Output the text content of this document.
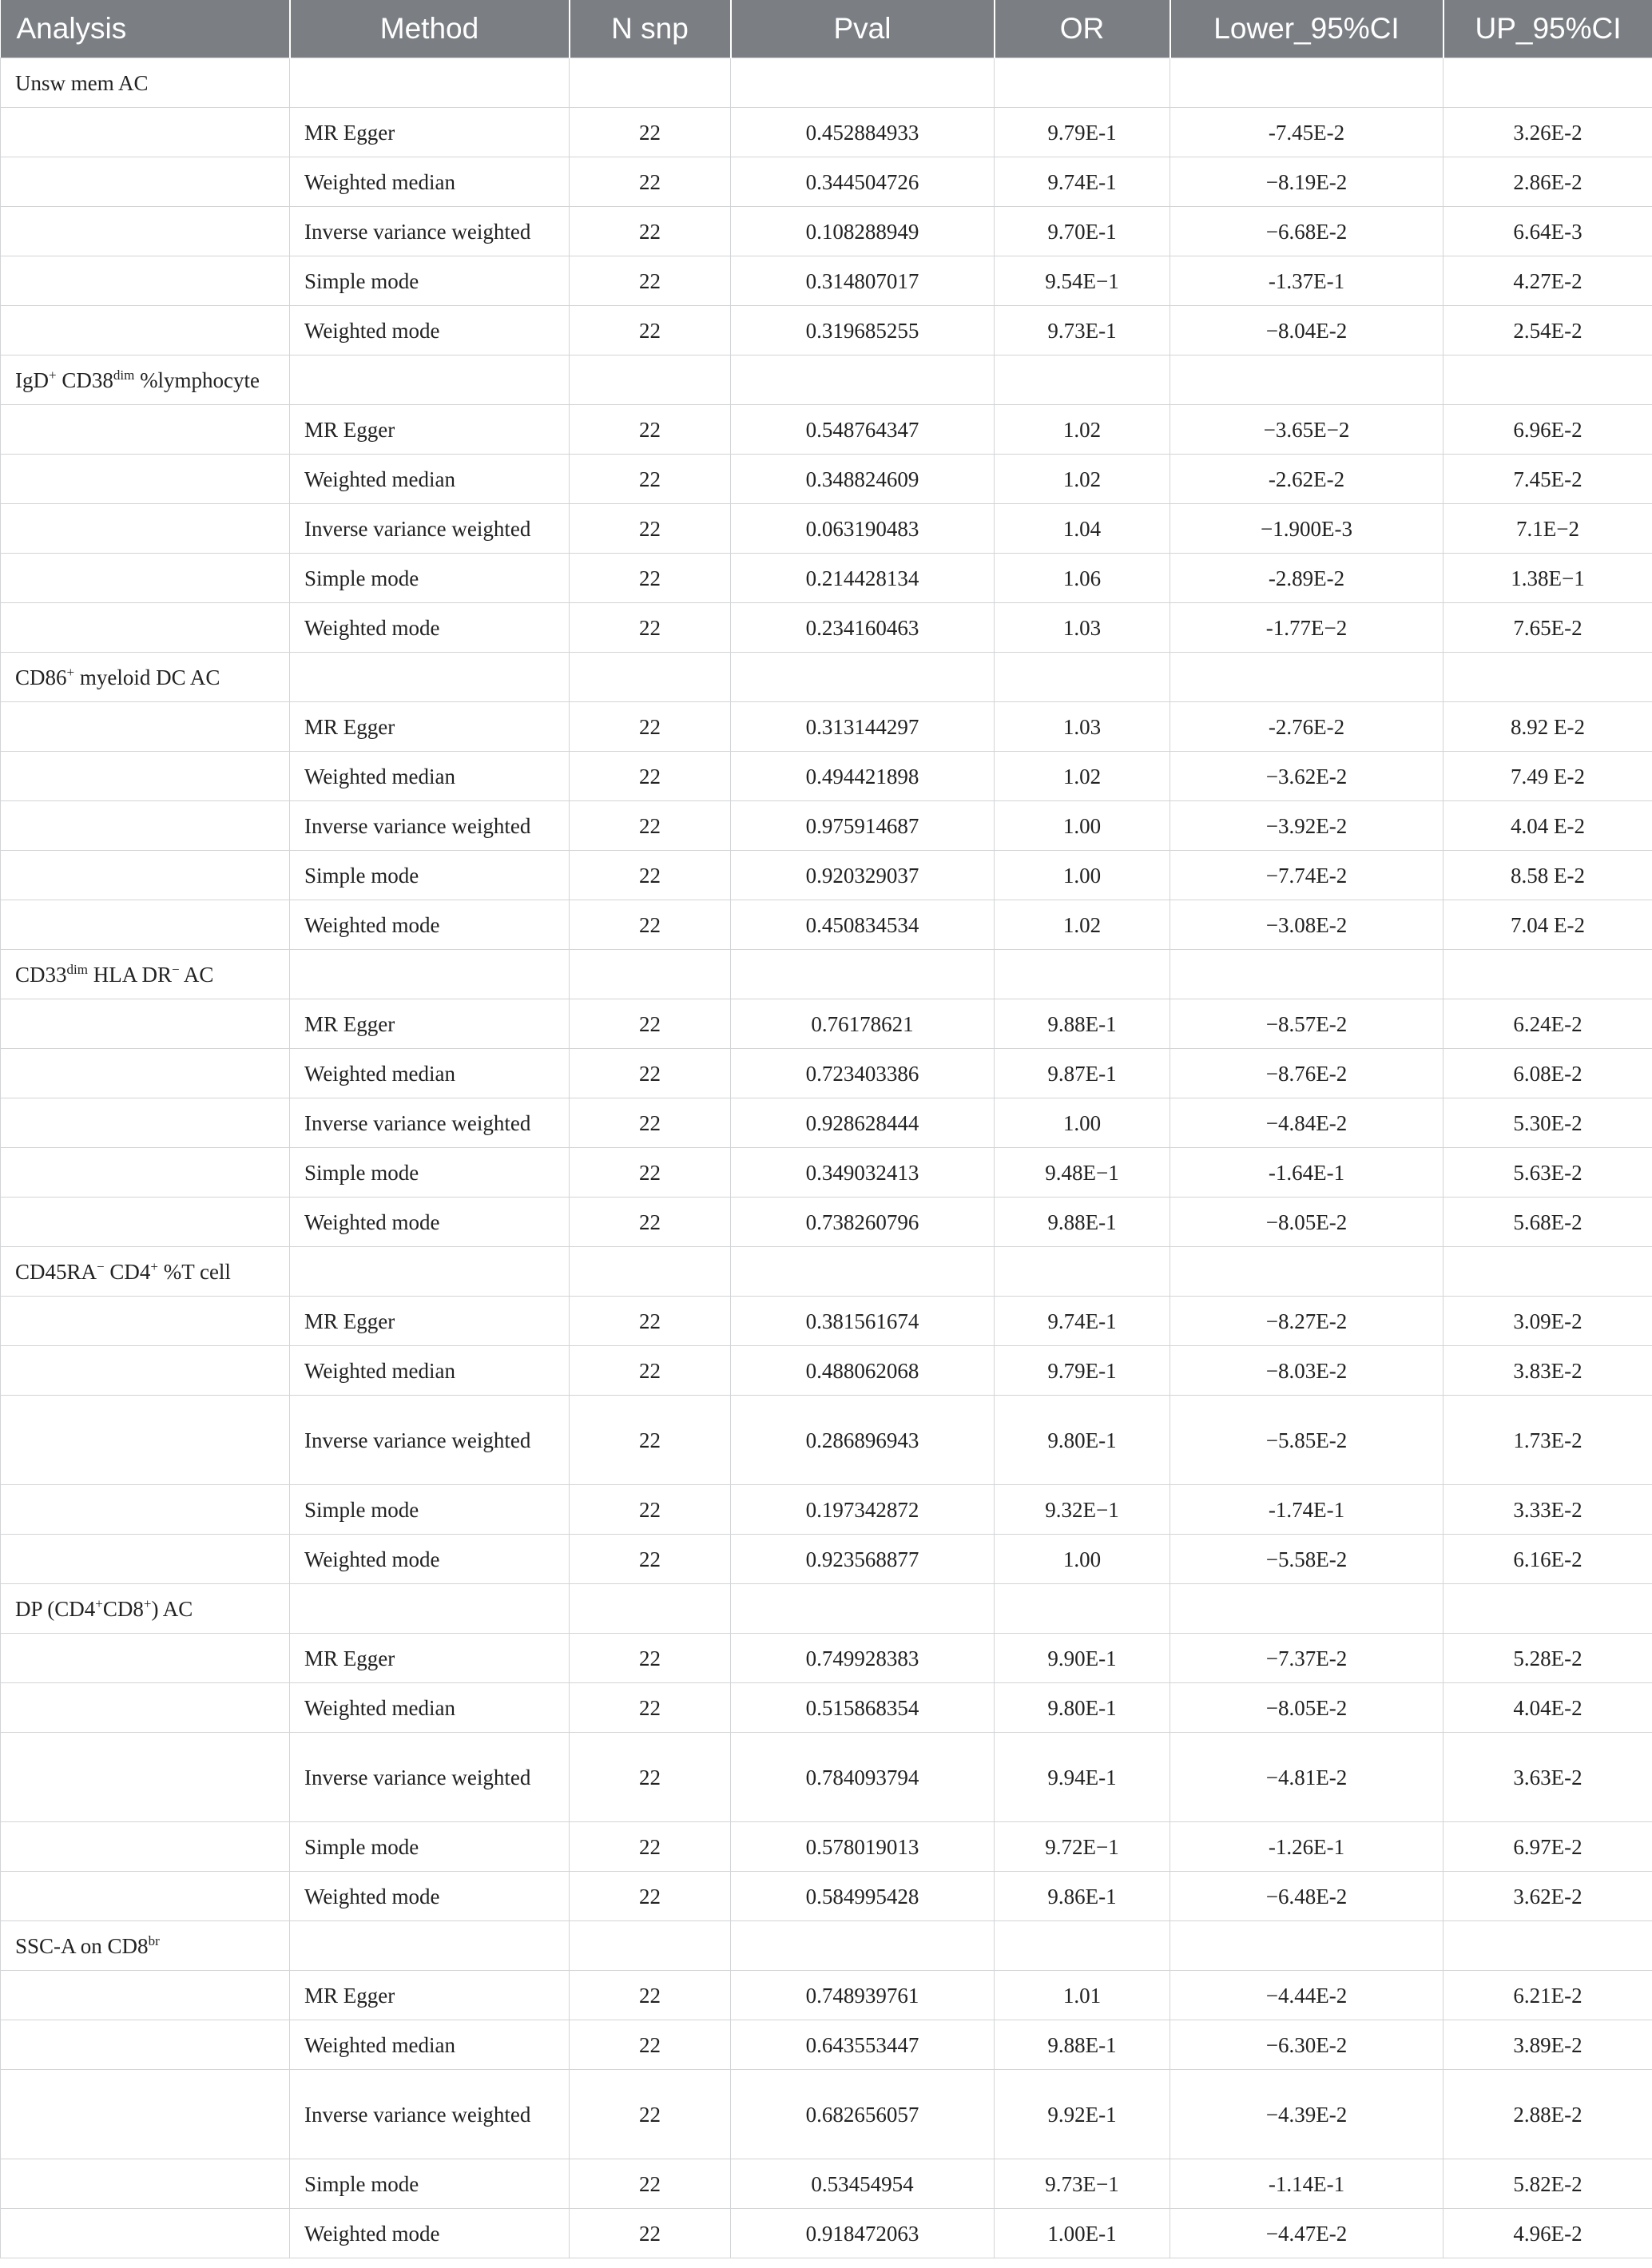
Analysis	Method	N snp	Pval	OR	Lower_95%CI	UP_95%CI
Unsw mem AC						
	MR Egger	22	0.452884933	9.79E-1	-7.45E-2	3.26E-2
	Weighted median	22	0.344504726	9.74E-1	−8.19E-2	2.86E-2
	Inverse variance weighted	22	0.108288949	9.70E-1	−6.68E-2	6.64E-3
	Simple mode	22	0.314807017	9.54E−1	-1.37E-1	4.27E-2
	Weighted mode	22	0.319685255	9.73E-1	−8.04E-2	2.54E-2
IgD+ $CD38^{dim}$ %lymphocyte						
	MR Egger	22	0.548764347	1.02	−3.65E−2	6.96E-2
	Weighted median	22	0.348824609	1.02	-2.62E-2	7.45E-2
	Inverse variance weighted	22	0.063190483	1.04	−1.900E-3	7.1E−2
	Simple mode	22	0.214428134	1.06	-2.89E-2	1.38E−1
	Weighted mode	22	0.234160463	1.03	-1.77E−2	7.65E-2
CD86+ myeloid DC AC						
	MR Egger	22	0.313144297	1.03	-2.76E-2	8.92 E-2
	Weighted median	22	0.494421898	1.02	−3.62E-2	7.49 E-2
	Inverse variance weighted	22	0.975914687	1.00	−3.92E-2	4.04 E-2
	Simple mode	22	0.920329037	1.00	−7.74E-2	8.58 E-2
	Weighted mode	22	0.450834534	1.02	−3.08E-2	7.04 E-2
$CD33^{dim}$ HLA DR− AC						
	MR Egger	22	0.76178621	9.88E-1	−8.57E-2	6.24E-2
	Weighted median	22	0.723403386	9.87E-1	−8.76E-2	6.08E-2
	Inverse variance weighted	22	0.928628444	1.00	−4.84E-2	5.30E-2
	Simple mode	22	0.349032413	9.48E−1	-1.64E-1	5.63E-2
	Weighted mode	22	0.738260796	9.88E-1	−8.05E-2	5.68E-2
CD45RA− CD4+ %T cell						
	MR Egger	22	0.381561674	9.74E-1	−8.27E-2	3.09E-2
	Weighted median	22	0.488062068	9.79E-1	−8.03E-2	3.83E-2
	Inverse variance weighted	22	0.286896943	9.80E-1	−5.85E-2	1.73E-2
	Simple mode	22	0.197342872	9.32E−1	-1.74E-1	3.33E-2
	Weighted mode	22	0.923568877	1.00	−5.58E-2	6.16E-2
DP (CD4+CD8+) AC						
	MR Egger	22	0.749928383	9.90E-1	−7.37E-2	5.28E-2
	Weighted median	22	0.515868354	9.80E-1	−8.05E-2	4.04E-2
	Inverse variance weighted	22	0.784093794	9.94E-1	−4.81E-2	3.63E-2
	Simple mode	22	0.578019013	9.72E−1	-1.26E-1	6.97E-2
	Weighted mode	22	0.584995428	9.86E-1	−6.48E-2	3.62E-2
SSC-A on $CD8^{br}$						
	MR Egger	22	0.748939761	1.01	−4.44E-2	6.21E-2
	Weighted median	22	0.643553447	9.88E-1	−6.30E-2	3.89E-2
	Inverse variance weighted	22	0.682656057	9.92E-1	−4.39E-2	2.88E-2
	Simple mode	22	0.53454954	9.73E−1	-1.14E-1	5.82E-2
	Weighted mode	22	0.918472063	1.00E-1	−4.47E-2	4.96E-2
